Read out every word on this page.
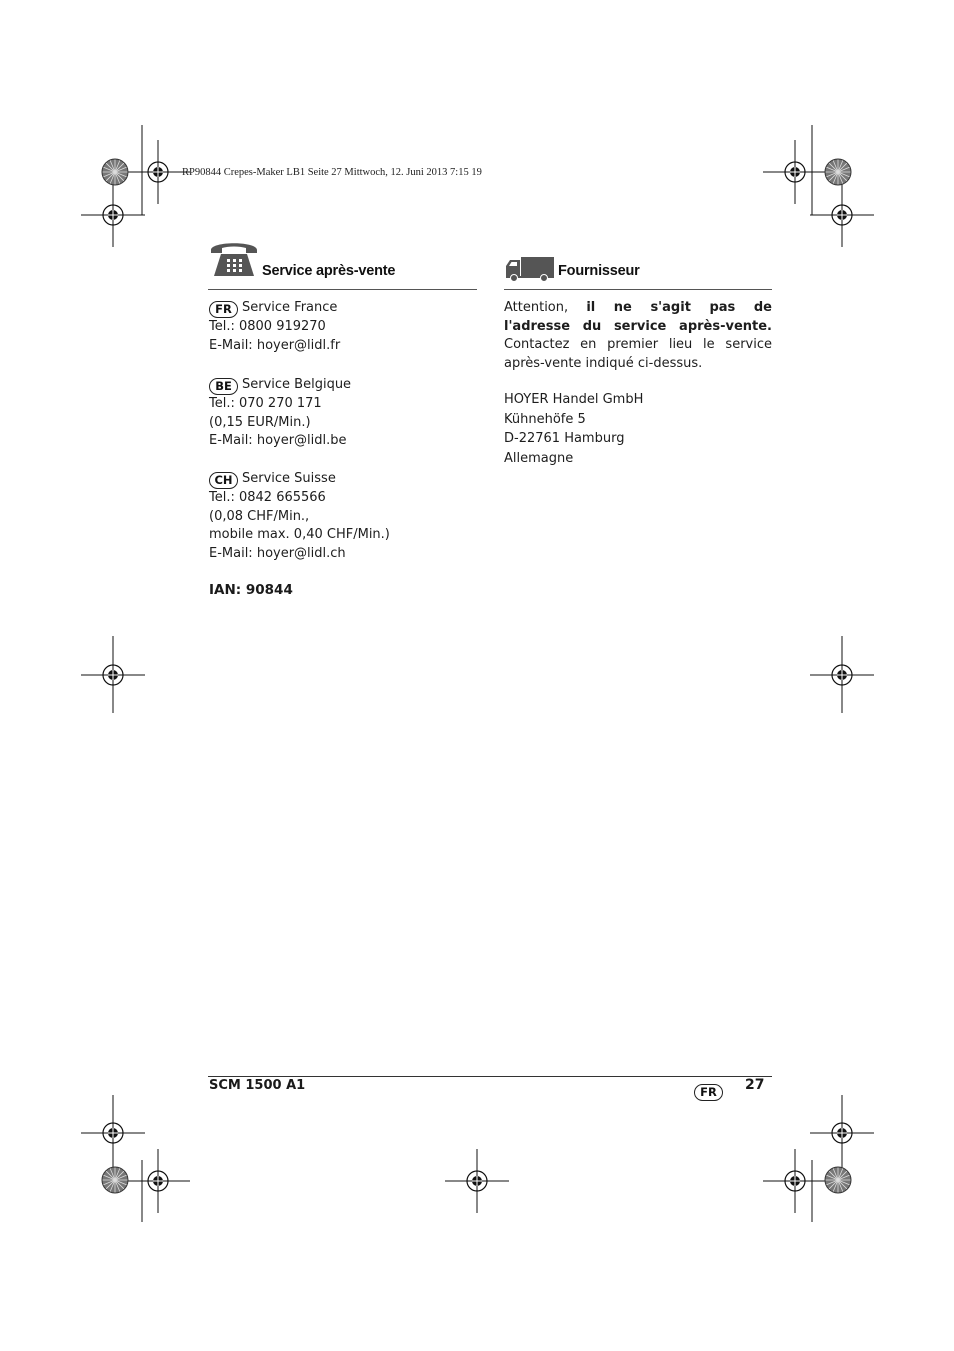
RP90844 Crepes-Maker LB1 Seite 27 Mittwoch, 12. Juni 2013 7:15 19
Service après-vente
FR Service France
Tel.: 0800 919270
E-Mail: hoyer@lidl.fr
BE Service Belgique
Tel.: 070 270 171
(0,15 EUR/Min.)
E-Mail: hoyer@lidl.be
CH Service Suisse
Tel.: 0842 665566
(0,08 CHF/Min.,
mobile max. 0,40 CHF/Min.)
E-Mail: hoyer@lidl.ch
IAN: 90844
Fournisseur
Attention, il ne s'agit pas de l'adresse du service après-vente. Contactez en premier lieu le service après-vente indiqué ci-dessus.
HOYER Handel GmbH
Kühnehöfe 5
D-22761 Hamburg
Allemagne
SCM 1500 A1	FR	27
